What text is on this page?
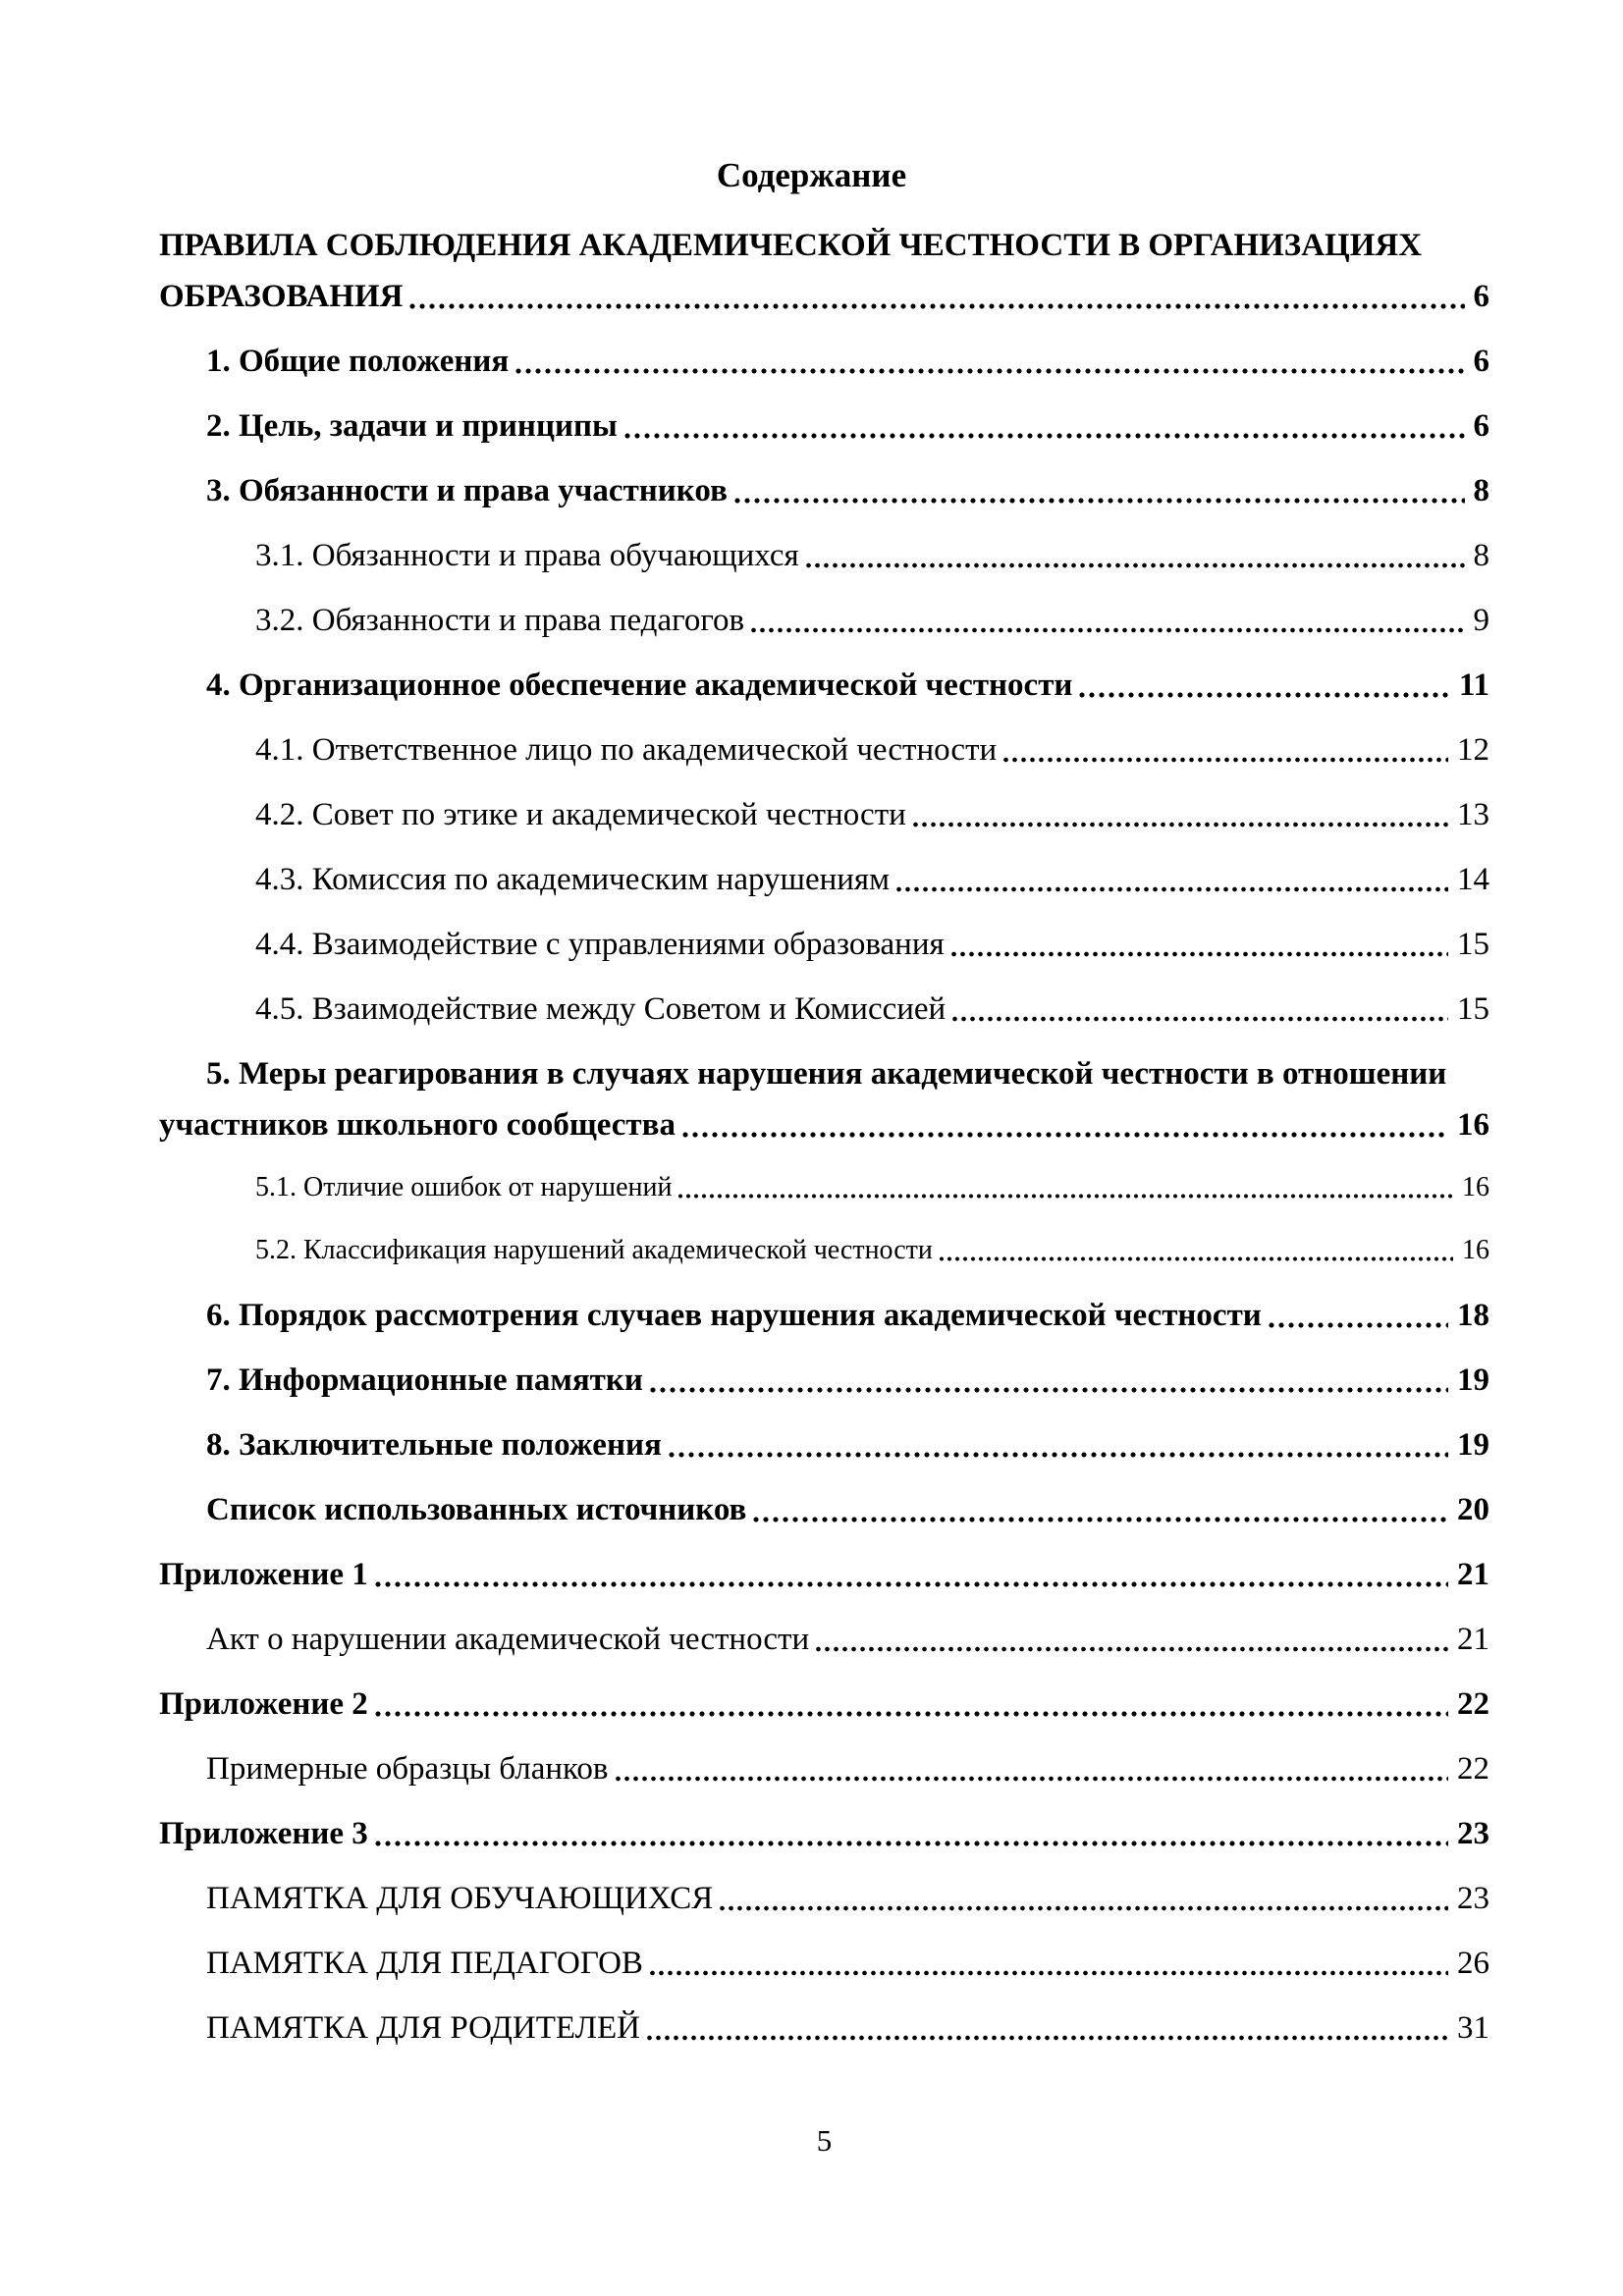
Содержание
ПРАВИЛА СОБЛЮДЕНИЯ АКАДЕМИЧЕСКОЙ ЧЕСТНОСТИ В ОРГАНИЗАЦИЯХ
ОБРАЗОВАНИЯ	6
1. Общие положения	6
2. Цель, задачи и принципы	6
3. Обязанности и права участников	8
3.1. Обязанности и права обучающихся	8
3.2. Обязанности и права педагогов	9
4. Организационное обеспечение академической честности	11
4.1. Ответственное лицо по академической честности	12
4.2. Совет по этике и академической честности	13
4.3. Комиссия по академическим нарушениям	14
4.4. Взаимодействие с управлениями образования	15
4.5. Взаимодействие между Советом и Комиссией	15
5. Меры реагирования в случаях нарушения академической честности в отношении
участников школьного сообщества	16
5.1. Отличие ошибок от нарушений	16
5.2. Классификация нарушений академической честности	16
6. Порядок рассмотрения случаев нарушения академической честности	18
7. Информационные памятки	19
8. Заключительные положения	19
Список использованных источников	20
Приложение 1	21
Акт о нарушении академической честности	21
Приложение 2	22
Примерные образцы бланков	22
Приложение 3	23
ПАМЯТКА ДЛЯ ОБУЧАЮЩИХСЯ	23
ПАМЯТКА ДЛЯ ПЕДАГОГОВ	26
ПАМЯТКА ДЛЯ РОДИТЕЛЕЙ	31
5
